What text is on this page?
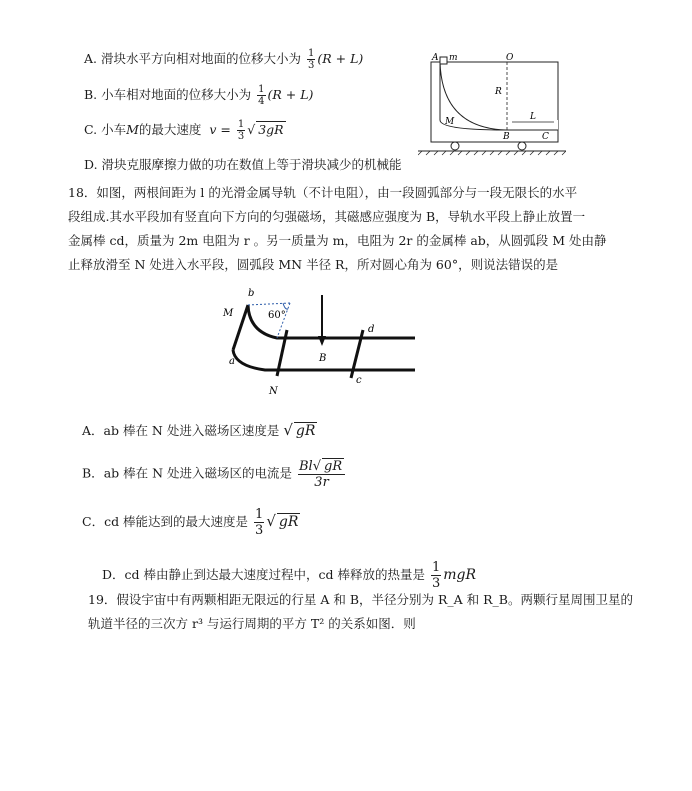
A. 滑块水平方向相对地面的位移大小为 $\frac{1}{3} (R + L)$
B. 小车相对地面的位移大小为 $\frac{1}{4} (R + L)$
C. 小车M的最大速度 $v = \frac{1}{3}$ √ 3gR
D. 滑块克服摩擦力做的功在数值上等于滑块减少的机械能
A m	O
R
M	L
B	C
18．如图，两根间距为 l 的光滑金属导轨（不计电阻），由一段圆弧部分与一段无限长的水平
段组成.其水平段加有竖直向下方向的匀强磁场，其磁感应强度为 B，导轨水平段上静止放置一
金属棒 cd，质量为 2m 电阻为 r 。另一质量为 m，电阻为 2r 的金属棒 ab，从圆弧段 M 处由静
止释放滑至 N 处进入水平段，圆弧段 MN 半径 R，所对圆心角为 60°，则说法错误的是
b
M	60°
d
a	B
c
N
A．ab 棒在 N 处进入磁场区速度是 √ gR
B．ab 棒在 N 处进入磁场区的电流是 $\frac{Bl√ gR}{3r}$
C．cd 棒能达到的最大速度是 $\frac{1}{3}$ √ gR
D．cd 棒由静止到达最大速度过程中，cd 棒释放的热量是 $\frac{1}{3}$ mgR
19．假设宇宙中有两颗相距无限远的行星 A 和 B，半径分别为 R_A 和 R_B。两颗行星周围卫星的
轨道半径的三次方 r³ 与运行周期的平方 T² 的关系如图．则
